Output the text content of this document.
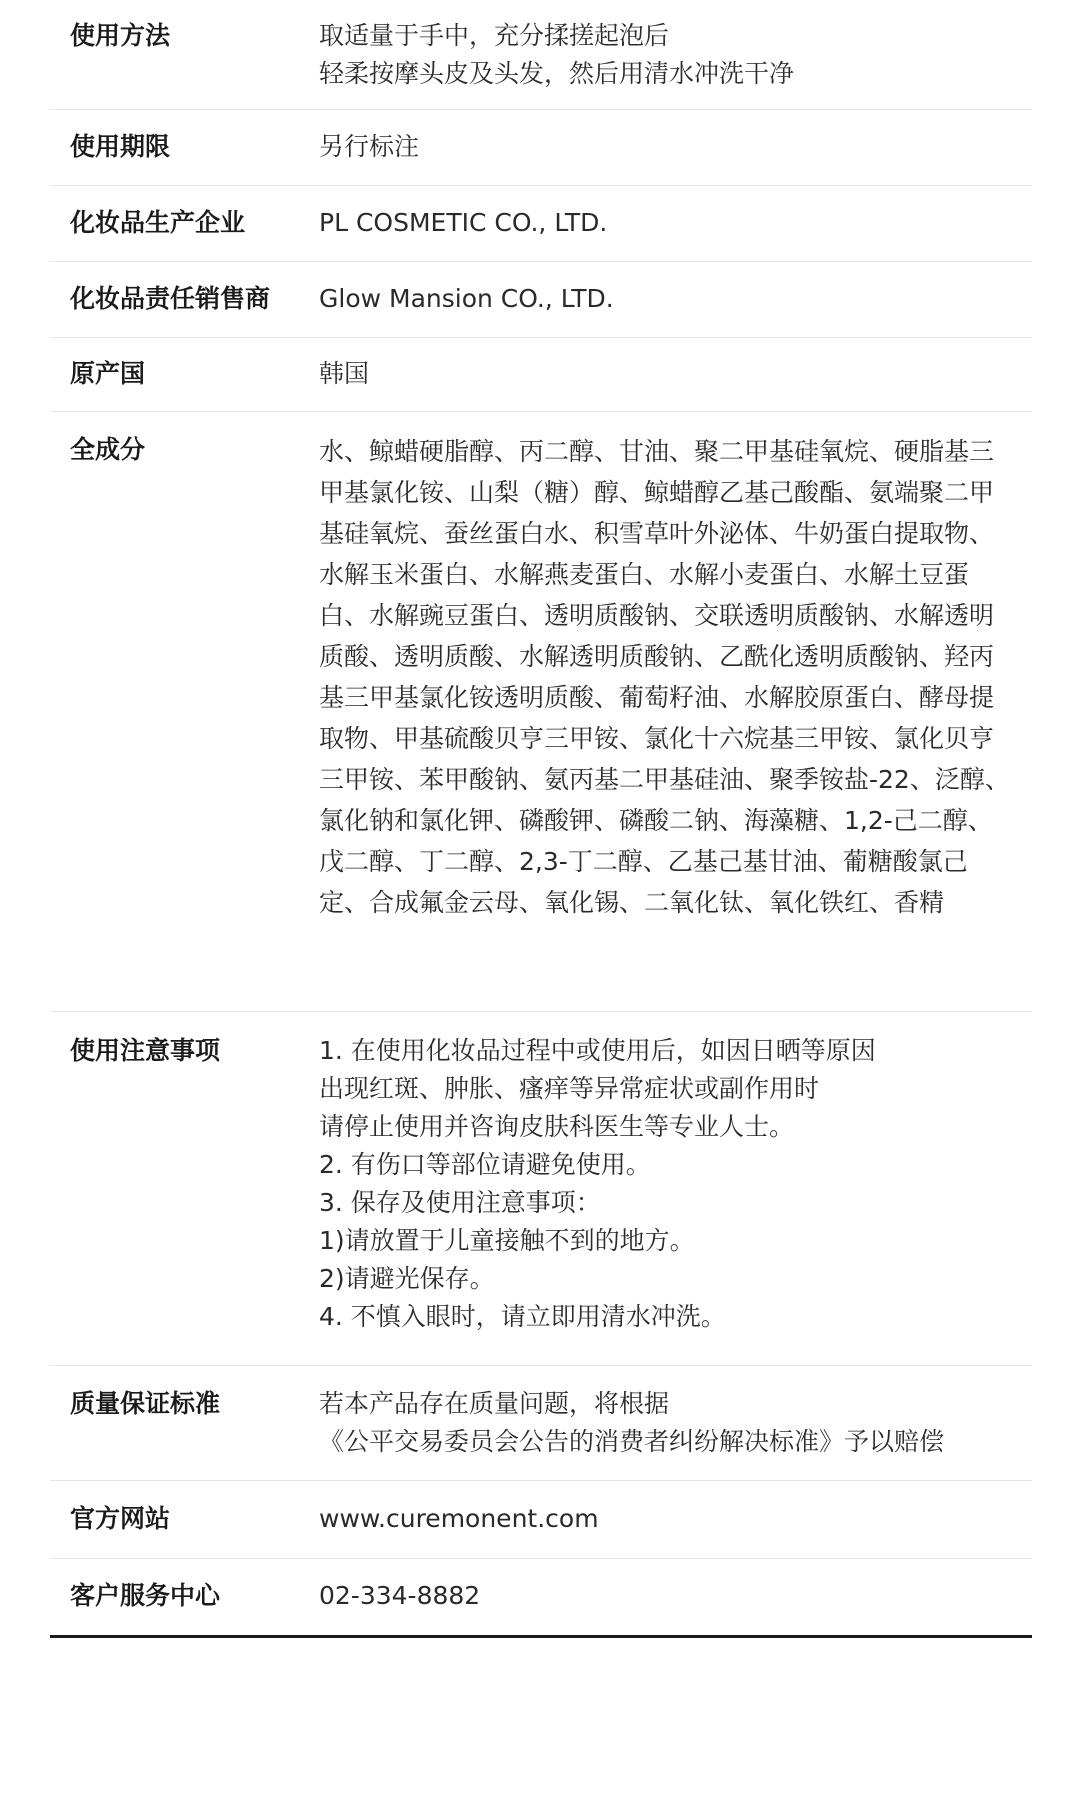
使用方法	取适量于手中，充分揉搓起泡后
轻柔按摩头皮及头发，然后用清水冲洗干净
使用期限	另行标注
化妆品生产企业	PL COSMETIC CO., LTD.
化妆品责任销售商	Glow Mansion CO., LTD.
原产国	韩国
全成分	水、鲸蜡硬脂醇、丙二醇、甘油、聚二甲基硅氧烷、硬脂基三甲基氯化铵、山梨（糖）醇、鲸蜡醇乙基己酸酯、氨端聚二甲基硅氧烷、蚕丝蛋白水、积雪草叶外泌体、牛奶蛋白提取物、水解玉米蛋白、水解燕麦蛋白、水解小麦蛋白、水解土豆蛋白、水解豌豆蛋白、透明质酸钠、交联透明质酸钠、水解透明质酸、透明质酸、水解透明质酸钠、乙酰化透明质酸钠、羟丙基三甲基氯化铵透明质酸、葡萄籽油、水解胶原蛋白、酵母提取物、甲基硫酸贝亨三甲铵、氯化十六烷基三甲铵、氯化贝亨三甲铵、苯甲酸钠、氨丙基二甲基硅油、聚季铵盐-22、泛醇、氯化钠和氯化钾、磷酸钾、磷酸二钠、海藻糖、1,2-己二醇、戊二醇、丁二醇、2,3-丁二醇、乙基己基甘油、葡糖酸氯己定、合成氟金云母、氧化锡、二氧化钛、氧化铁红、香精
使用注意事项	1. 在使用化妆品过程中或使用后，如因日晒等原因
出现红斑、肿胀、瘙痒等异常症状或副作用时
请停止使用并咨询皮肤科医生等专业人士。
2. 有伤口等部位请避免使用。
3. 保存及使用注意事项：
1)请放置于儿童接触不到的地方。
2)请避光保存。
4. 不慎入眼时，请立即用清水冲洗。
质量保证标准	若本产品存在质量问题，将根据
《公平交易委员会公告的消费者纠纷解决标准》予以赔偿
官方网站	www.curemonent.com
客户服务中心	02-334-8882
